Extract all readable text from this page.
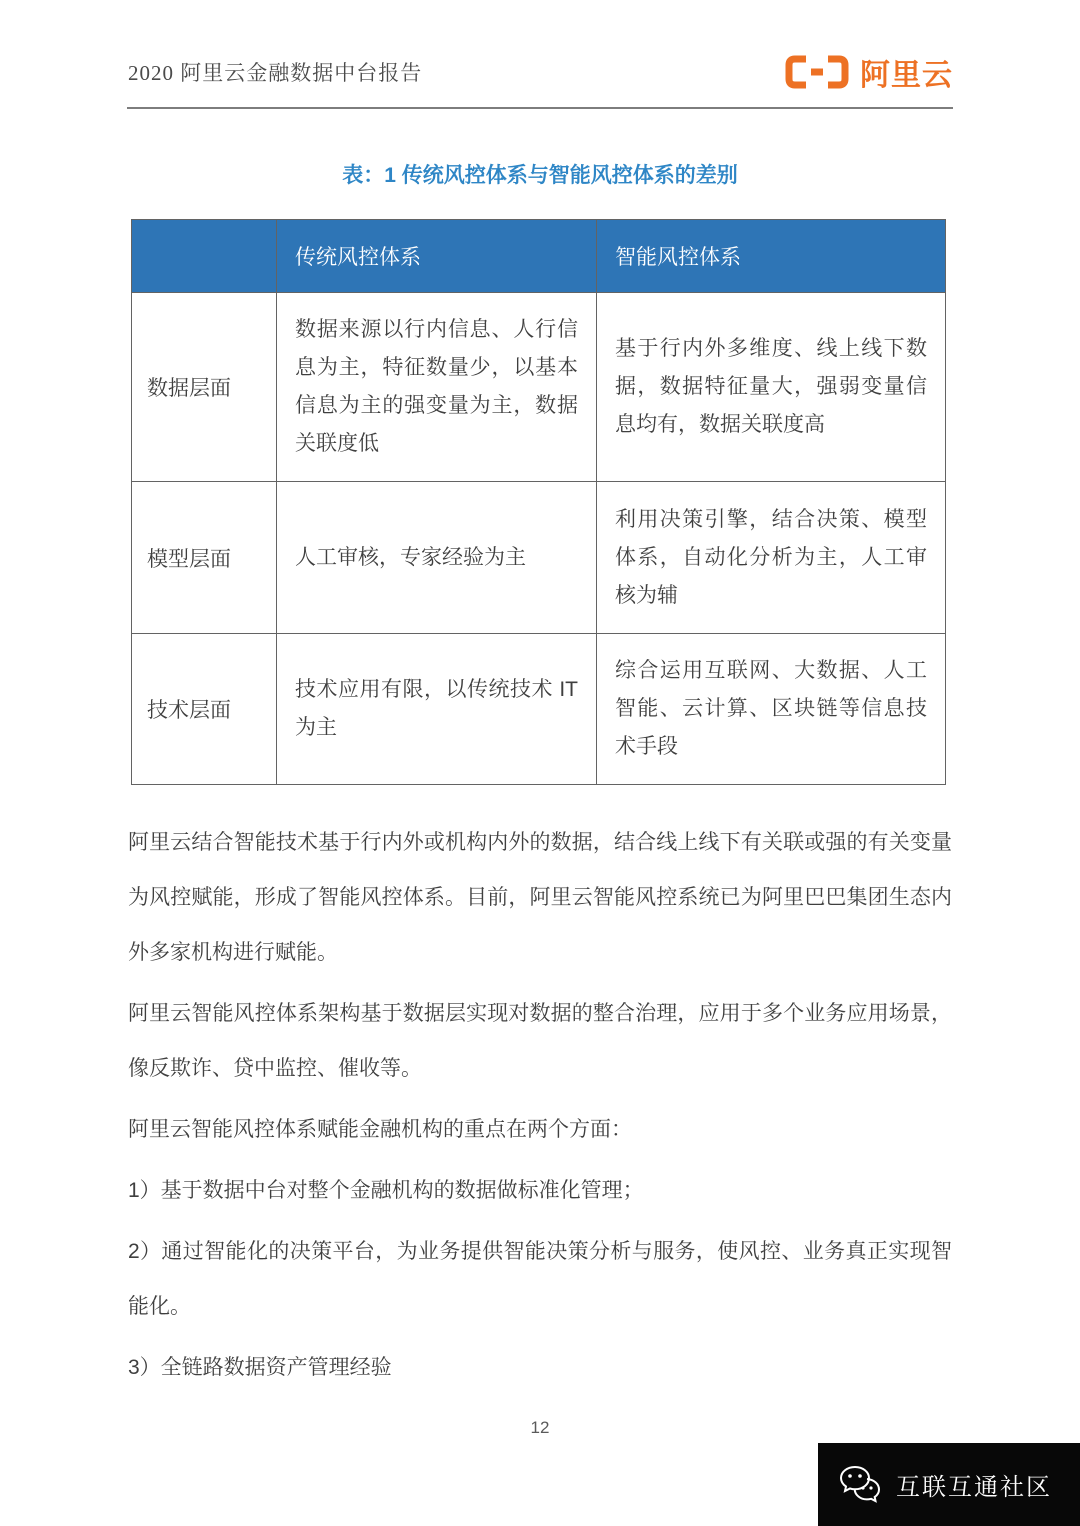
2020 阿里云金融数据中台报告	阿里云
表：1 传统风控体系与智能风控体系的差别
	传统风控体系	智能风控体系
数据层面	数据来源以行内信息、人行信息为主，特征数量少，以基本信息为主的强变量为主，数据关联度低	基于行内外多维度、线上线下数据，数据特征量大，强弱变量信息均有，数据关联度高
模型层面	人工审核，专家经验为主	利用决策引擎，结合决策、模型体系，自动化分析为主，人工审核为辅
技术层面	技术应用有限，以传统技术 IT 为主	综合运用互联网、大数据、人工智能、云计算、区块链等信息技术手段

阿里云结合智能技术基于行内外或机构内外的数据，结合线上线下有关联或强的有关变量为风控赋能，形成了智能风控体系。目前，阿里云智能风控系统已为阿里巴巴集团生态内外多家机构进行赋能。

阿里云智能风控体系架构基于数据层实现对数据的整合治理，应用于多个业务应用场景，像反欺诈、贷中监控、催收等。

阿里云智能风控体系赋能金融机构的重点在两个方面：

1）基于数据中台对整个金融机构的数据做标准化管理；

2）通过智能化的决策平台，为业务提供智能决策分析与服务，使风控、业务真正实现智能化。

3）全链路数据资产管理经验

12
互联互通社区
